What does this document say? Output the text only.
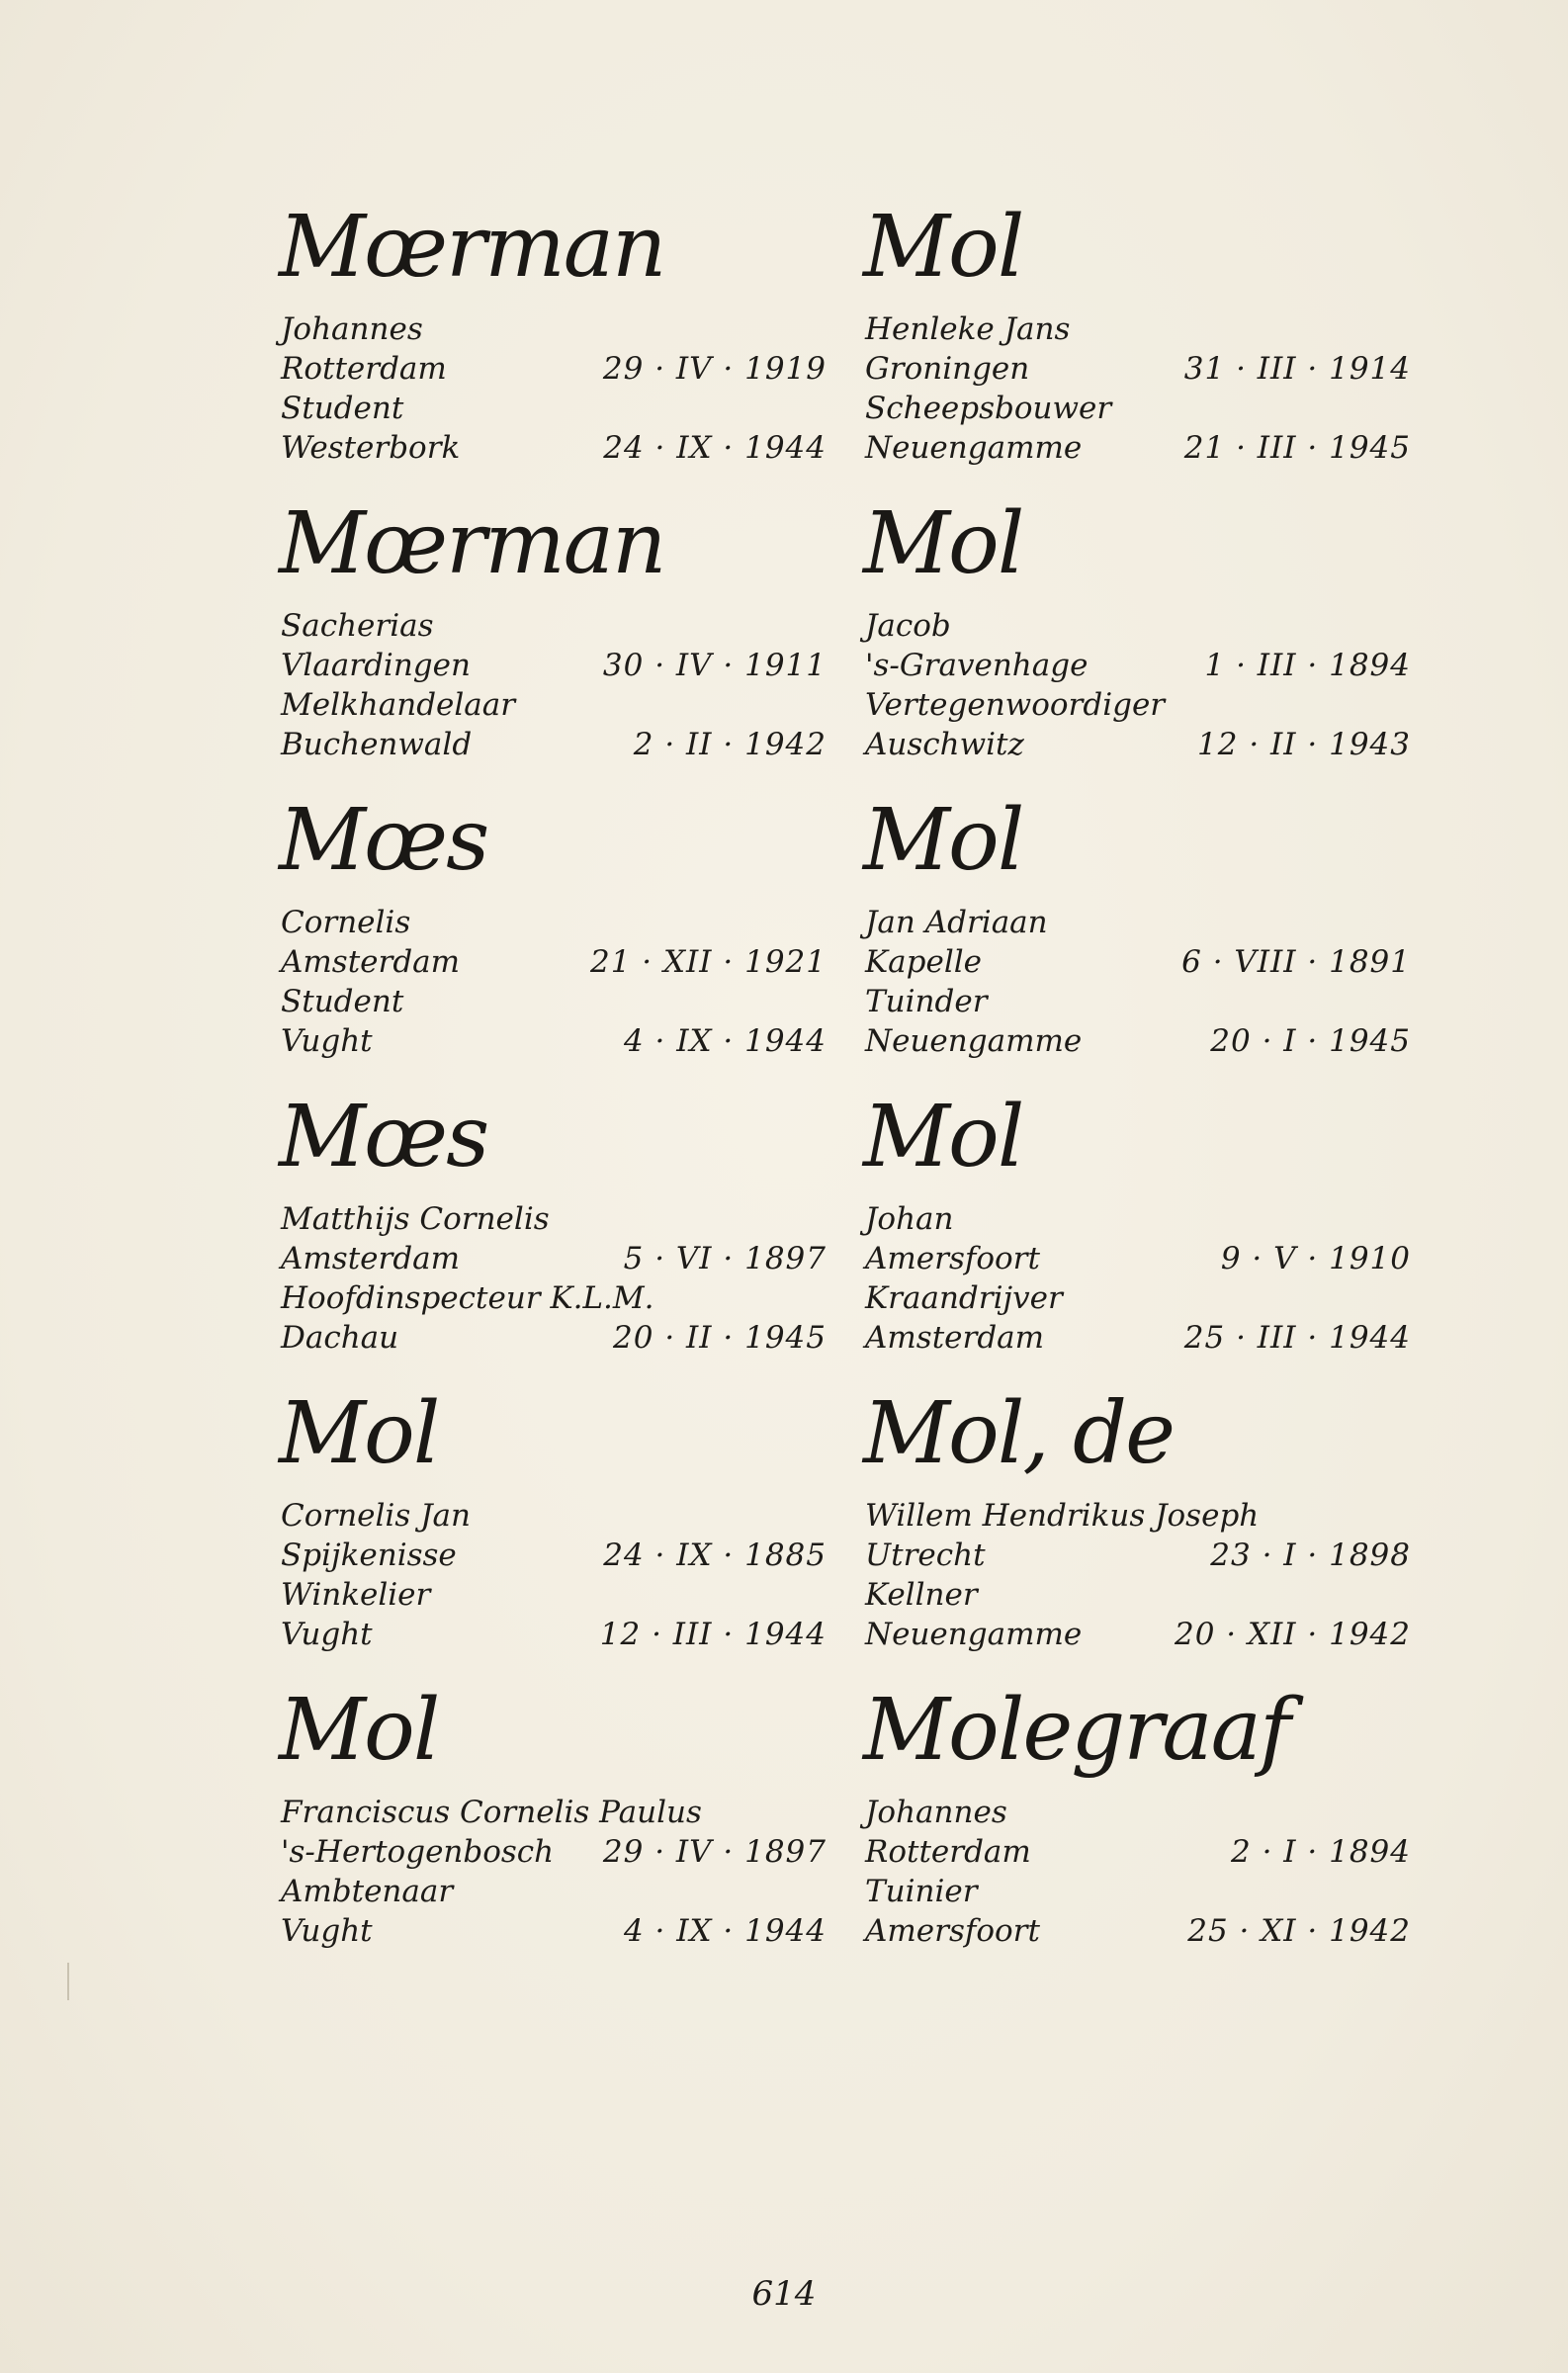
Mœrman
Johannes
Rotterdam	29 · IV · 1919
Student
Westerbork	24 · IX · 1944
Mœrman
Sacherias
Vlaardingen	30 · IV · 1911
Melkhandelaar
Buchenwald	2 · II · 1942
Mœs
Cornelis
Amsterdam	21 · XII · 1921
Student
Vught	4 · IX · 1944
Mœs
Matthijs Cornelis
Amsterdam	5 · VI · 1897
Hoofdinspecteur K.L.M.
Dachau	20 · II · 1945
Mol
Cornelis Jan
Spijkenisse	24 · IX · 1885
Winkelier
Vught	12 · III · 1944
Mol
Franciscus Cornelis Paulus
's-Hertogenbosch 29 · IV · 1897
Ambtenaar
Vught	4 · IX · 1944
Mol
Henleke Jans
Groningen	31 · III · 1914
Scheepsbouwer
Neuengamme	21 · III · 1945
Mol
Jacob
's-Gravenhage	1 · III · 1894
Vertegenwoordiger
Auschwitz	12 · II · 1943
Mol
Jan Adriaan
Kapelle	6 · VIII · 1891
Tuinder
Neuengamme	20 · I · 1945
Mol
Johan
Amersfoort	9 · V · 1910
Kraandrijver
Amsterdam	25 · III · 1944
Mol, de
Willem Hendrikus Joseph
Utrecht	23 · I · 1898
Kellner
Neuengamme	20 · XII · 1942
Molegraaf
Johannes
Rotterdam	2 · I · 1894
Tuinier
Amersfoort	25 · XI · 1942
614
